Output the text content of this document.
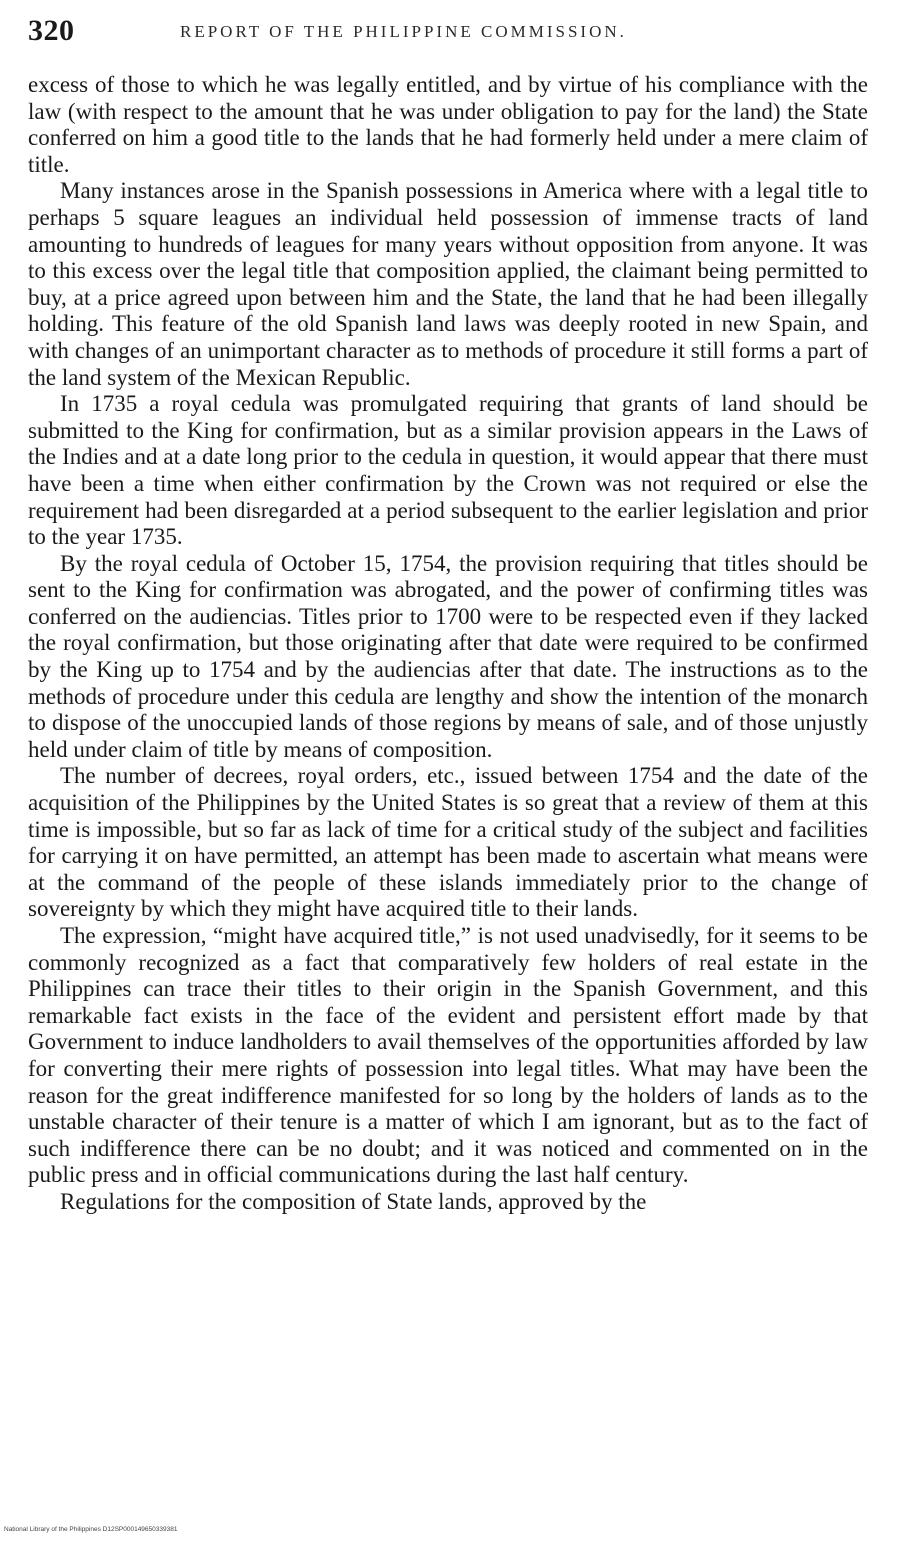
320	REPORT OF THE PHILIPPINE COMMISSION.

excess of those to which he was legally entitled, and by virtue of his compliance with the law (with respect to the amount that he was under obligation to pay for the land) the State conferred on him a good title to the lands that he had formerly held under a mere claim of title.

Many instances arose in the Spanish possessions in America where with a legal title to perhaps 5 square leagues an individual held possession of immense tracts of land amounting to hundreds of leagues for many years without opposition from anyone. It was to this excess over the legal title that composition applied, the claimant being permitted to buy, at a price agreed upon between him and the State, the land that he had been illegally holding. This feature of the old Spanish land laws was deeply rooted in new Spain, and with changes of an unimportant character as to methods of procedure it still forms a part of the land system of the Mexican Republic.

In 1735 a royal cedula was promulgated requiring that grants of land should be submitted to the King for confirmation, but as a similar provision appears in the Laws of the Indies and at a date long prior to the cedula in question, it would appear that there must have been a time when either confirmation by the Crown was not required or else the requirement had been disregarded at a period subsequent to the earlier legislation and prior to the year 1735.

By the royal cedula of October 15, 1754, the provision requiring that titles should be sent to the King for confirmation was abrogated, and the power of confirming titles was conferred on the audiencias. Titles prior to 1700 were to be respected even if they lacked the royal confirmation, but those originating after that date were required to be confirmed by the King up to 1754 and by the audiencias after that date. The instructions as to the methods of procedure under this cedula are lengthy and show the intention of the monarch to dispose of the unoccupied lands of those regions by means of sale, and of those unjustly held under claim of title by means of composition.

The number of decrees, royal orders, etc., issued between 1754 and the date of the acquisition of the Philippines by the United States is so great that a review of them at this time is impossible, but so far as lack of time for a critical study of the subject and facilities for carrying it on have permitted, an attempt has been made to ascertain what means were at the command of the people of these islands immediately prior to the change of sovereignty by which they might have acquired title to their lands.

The expression, “might have acquired title,” is not used unadvisedly, for it seems to be commonly recognized as a fact that comparatively few holders of real estate in the Philippines can trace their titles to their origin in the Spanish Government, and this remarkable fact exists in the face of the evident and persistent effort made by that Government to induce landholders to avail themselves of the opportunities afforded by law for converting their mere rights of possession into legal titles. What may have been the reason for the great indifference manifested for so long by the holders of lands as to the unstable character of their tenure is a matter of which I am ignorant, but as to the fact of such indifference there can be no doubt; and it was noticed and commented on in the public press and in official communications during the last half century.

Regulations for the composition of State lands, approved by the

National Library of the Philippines D12SP000149650339381
